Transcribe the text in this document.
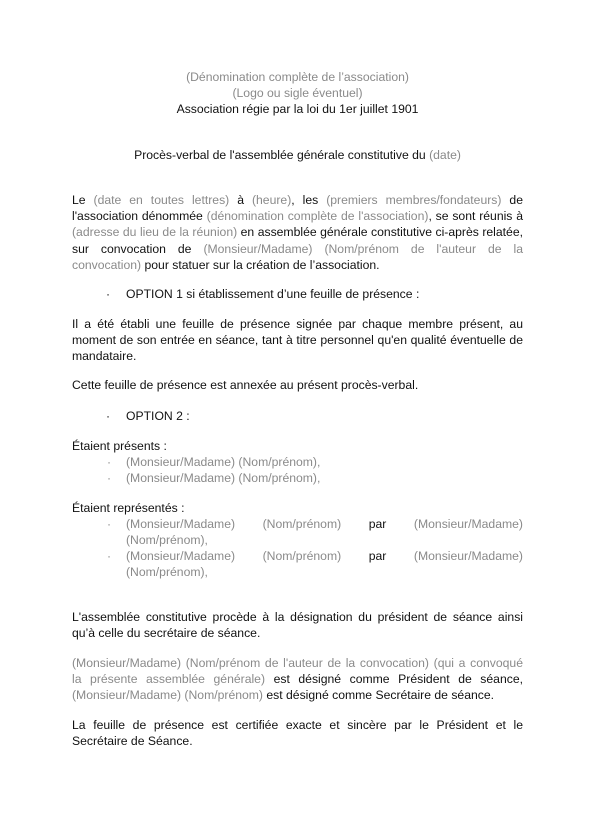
(Dénomination complète de l’association)
(Logo ou sigle éventuel)
Association régie par la loi du 1er juillet 1901
Procès-verbal de l'assemblée générale constitutive du (date)
Le (date en toutes lettres) à (heure), les (premiers membres/fondateurs) de l'association dénommée (dénomination complète de l'association), se sont réunis à (adresse du lieu de la réunion) en assemblée générale constitutive ci-après relatée, sur convocation de (Monsieur/Madame) (Nom/prénom de l'auteur de la convocation) pour statuer sur la création de l’association.
· OPTION 1 si établissement d’une feuille de présence :
Il a été établi une feuille de présence signée par chaque membre présent, au moment de son entrée en séance, tant à titre personnel qu'en qualité éventuelle de mandataire.
Cette feuille de présence est annexée au présent procès-verbal.
· OPTION 2 :
Étaient présents :
· (Monsieur/Madame) (Nom/prénom),
· (Monsieur/Madame) (Nom/prénom),
Étaient représentés :
· (Monsieur/Madame) (Nom/prénom) par (Monsieur/Madame)
(Nom/prénom),
· (Monsieur/Madame) (Nom/prénom) par (Monsieur/Madame)
(Nom/prénom),
L'assemblée constitutive procède à la désignation du président de séance ainsi qu’à celle du secrétaire de séance.
(Monsieur/Madame) (Nom/prénom de l'auteur de la convocation) (qui a convoqué la présente assemblée générale) est désigné comme Président de séance, (Monsieur/Madame) (Nom/prénom) est désigné comme Secrétaire de séance.
La feuille de présence est certifiée exacte et sincère par le Président et le Secrétaire de Séance.
